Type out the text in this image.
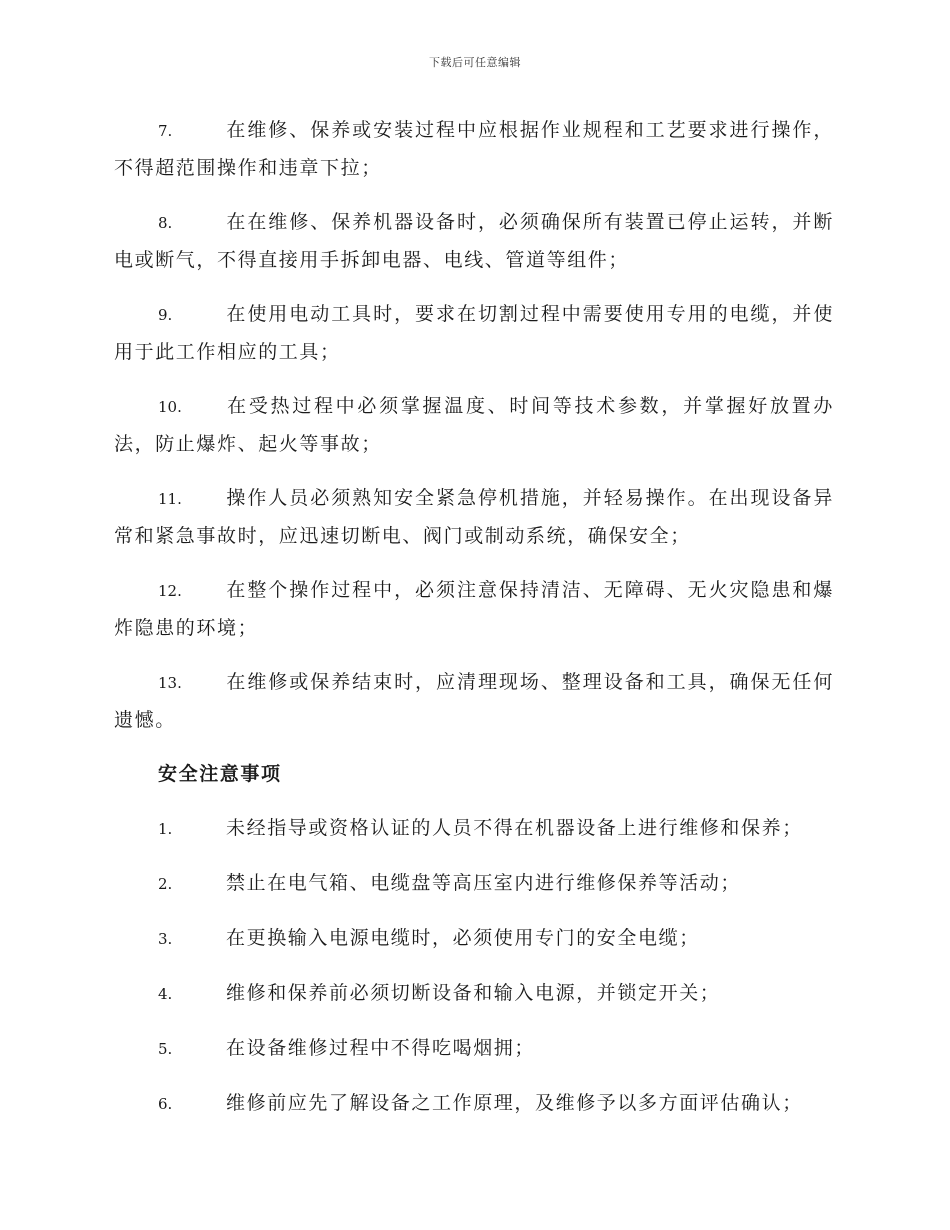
下载后可任意编辑
7.	在维修、保养或安装过程中应根据作业规程和工艺要求进行操作，不得超范围操作和违章下拉；
8.	在在维修、保养机器设备时，必须确保所有装置已停止运转，并断电或断气，不得直接用手拆卸电器、电线、管道等组件；
9.	在使用电动工具时，要求在切割过程中需要使用专用的电缆，并使用于此工作相应的工具；
10. 在受热过程中必须掌握温度、时间等技术参数，并掌握好放置办法，防止爆炸、起火等事故；
11. 操作人员必须熟知安全紧急停机措施，并轻易操作。在出现设备异常和紧急事故时，应迅速切断电、阀门或制动系统，确保安全；
12. 在整个操作过程中，必须注意保持清洁、无障碍、无火灾隐患和爆炸隐患的环境；
13. 在维修或保养结束时，应清理现场、整理设备和工具，确保无任何遗憾。
安全注意事项
1.	未经指导或资格认证的人员不得在机器设备上进行维修和保养；
2.	禁止在电气箱、电缆盘等高压室内进行维修保养等活动；
3.	在更换输入电源电缆时，必须使用专门的安全电缆；
4.	维修和保养前必须切断设备和输入电源，并锁定开关；
5.	在设备维修过程中不得吃喝烟拥；
6.	维修前应先了解设备之工作原理，及维修予以多方面评估确认；
